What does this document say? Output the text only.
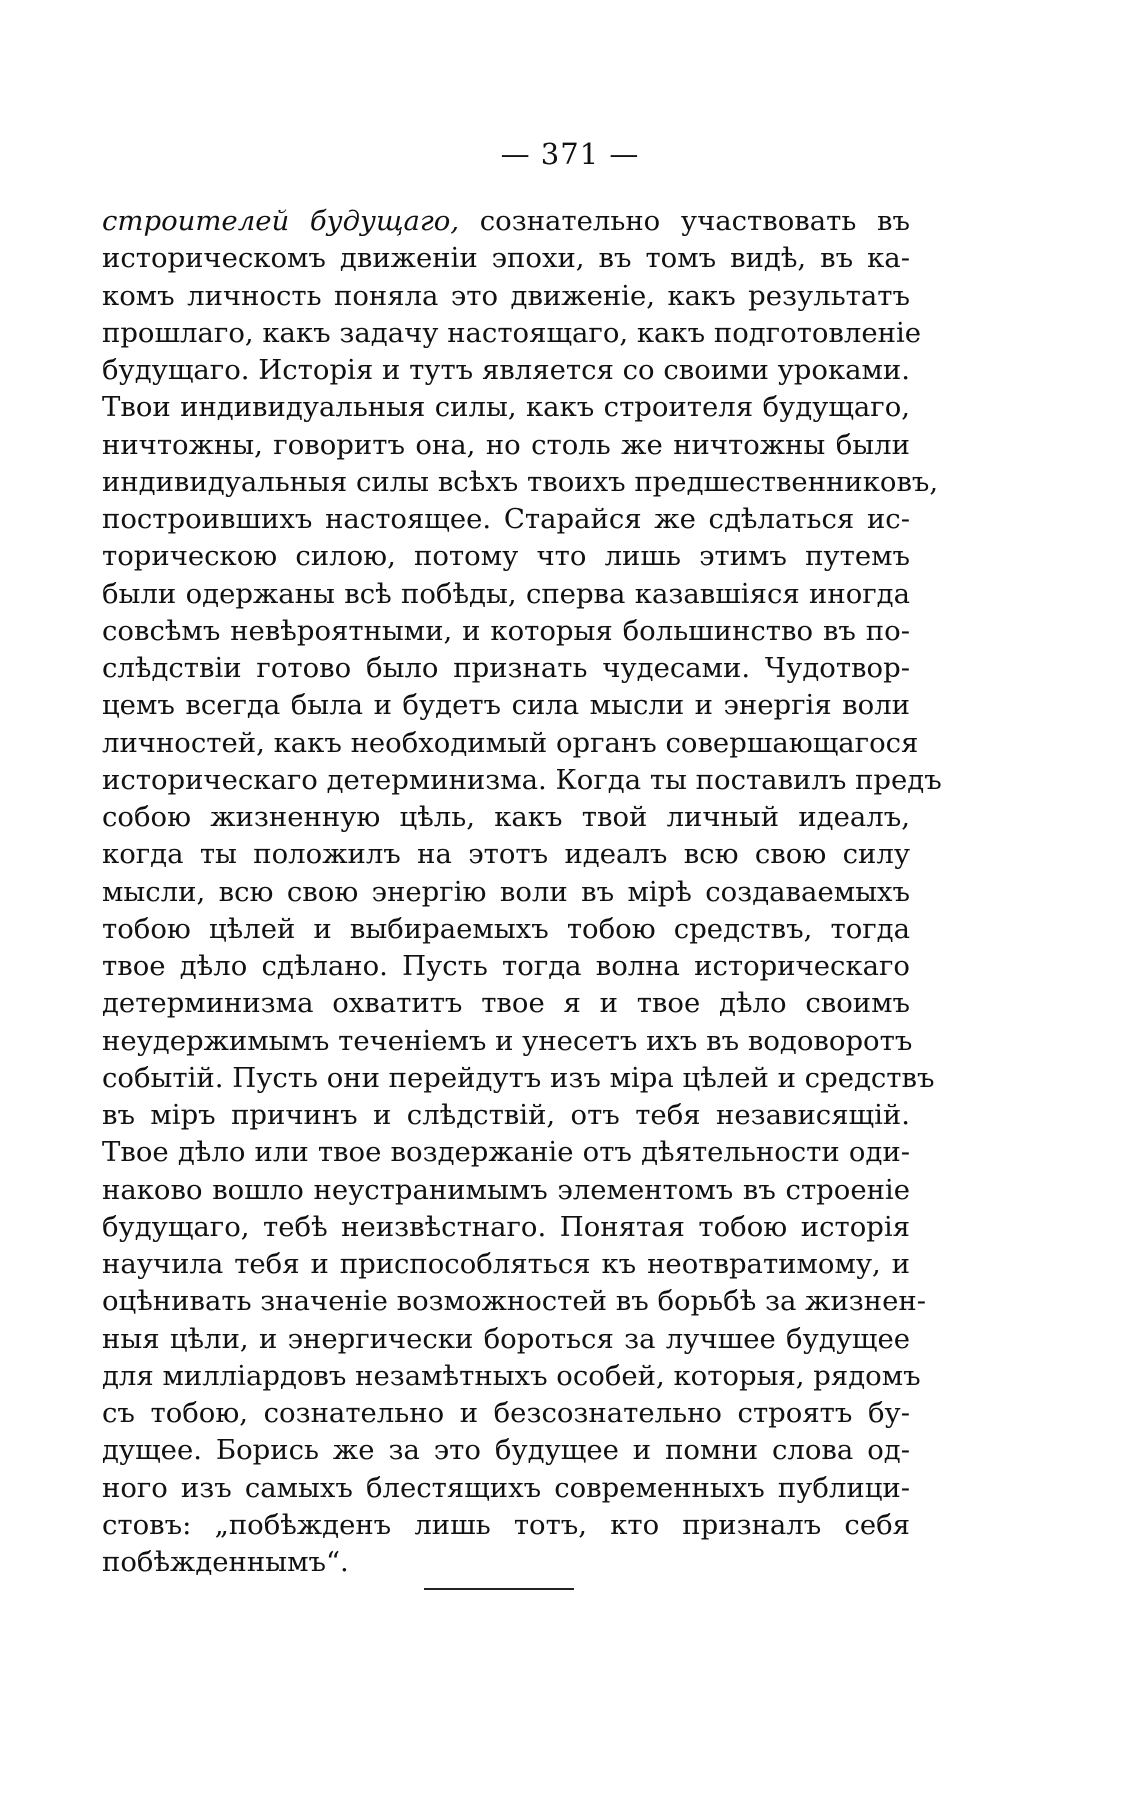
— 371 —
строителей будущаго, сознательно участвовать въ
историческомъ движенiи эпохи, въ томъ видѣ, въ ка-
комъ личность поняла это движенiе, какъ результатъ
прошлаго, какъ задачу настоящаго, какъ подготовленiе
будущаго. Исторiя и тутъ является со своими уроками.
Твои индивидуальныя силы, какъ строителя будущаго,
ничтожны, говоритъ она, но столь же ничтожны были
индивидуальныя силы всѣхъ твоихъ предшественниковъ,
построившихъ настоящее. Старайся же сдѣлаться ис-
торическою силою, потому что лишь этимъ путемъ
были одержаны всѣ побѣды, сперва казавшiяся иногда
совсѣмъ невѣроятными, и которыя большинство въ по-
слѣдствiи готово было признать чудесами. Чудотвор-
цемъ всегда была и будетъ сила мысли и энергiя воли
личностей, какъ необходимый органъ совершающагося
историческаго детерминизма. Когда ты поставилъ предъ
собою жизненную цѣль, какъ твой личный идеалъ,
когда ты положилъ на этотъ идеалъ всю свою силу
мысли, всю свою энергiю воли въ мiрѣ создаваемыхъ
тобою цѣлей и выбираемыхъ тобою средствъ, тогда
твое дѣло сдѣлано. Пусть тогда волна историческаго
детерминизма охватитъ твое я и твое дѣло своимъ
неудержимымъ теченiемъ и унесетъ ихъ въ водоворотъ
событiй. Пусть они перейдутъ изъ мiра цѣлей и средствъ
въ мiръ причинъ и слѣдствiй, отъ тебя независящiй.
Твое дѣло или твое воздержанiе отъ дѣятельности оди-
наково вошло неустранимымъ элементомъ въ строенiе
будущаго, тебѣ неизвѣстнаго. Понятая тобою исторiя
научила тебя и приспособляться къ неотвратимому, и
оцѣнивать значенiе возможностей въ борьбѣ за жизнен-
ныя цѣли, и энергически бороться за лучшее будущее
для миллiардовъ незамѣтныхъ особей, которыя, рядомъ
съ тобою, сознательно и безсознательно строятъ бу-
дущее. Борись же за это будущее и помни слова од-
ного изъ самыхъ блестящихъ современныхъ публици-
стовъ: „побѣжденъ лишь тотъ, кто призналъ себя
побѣжденнымъ“.
